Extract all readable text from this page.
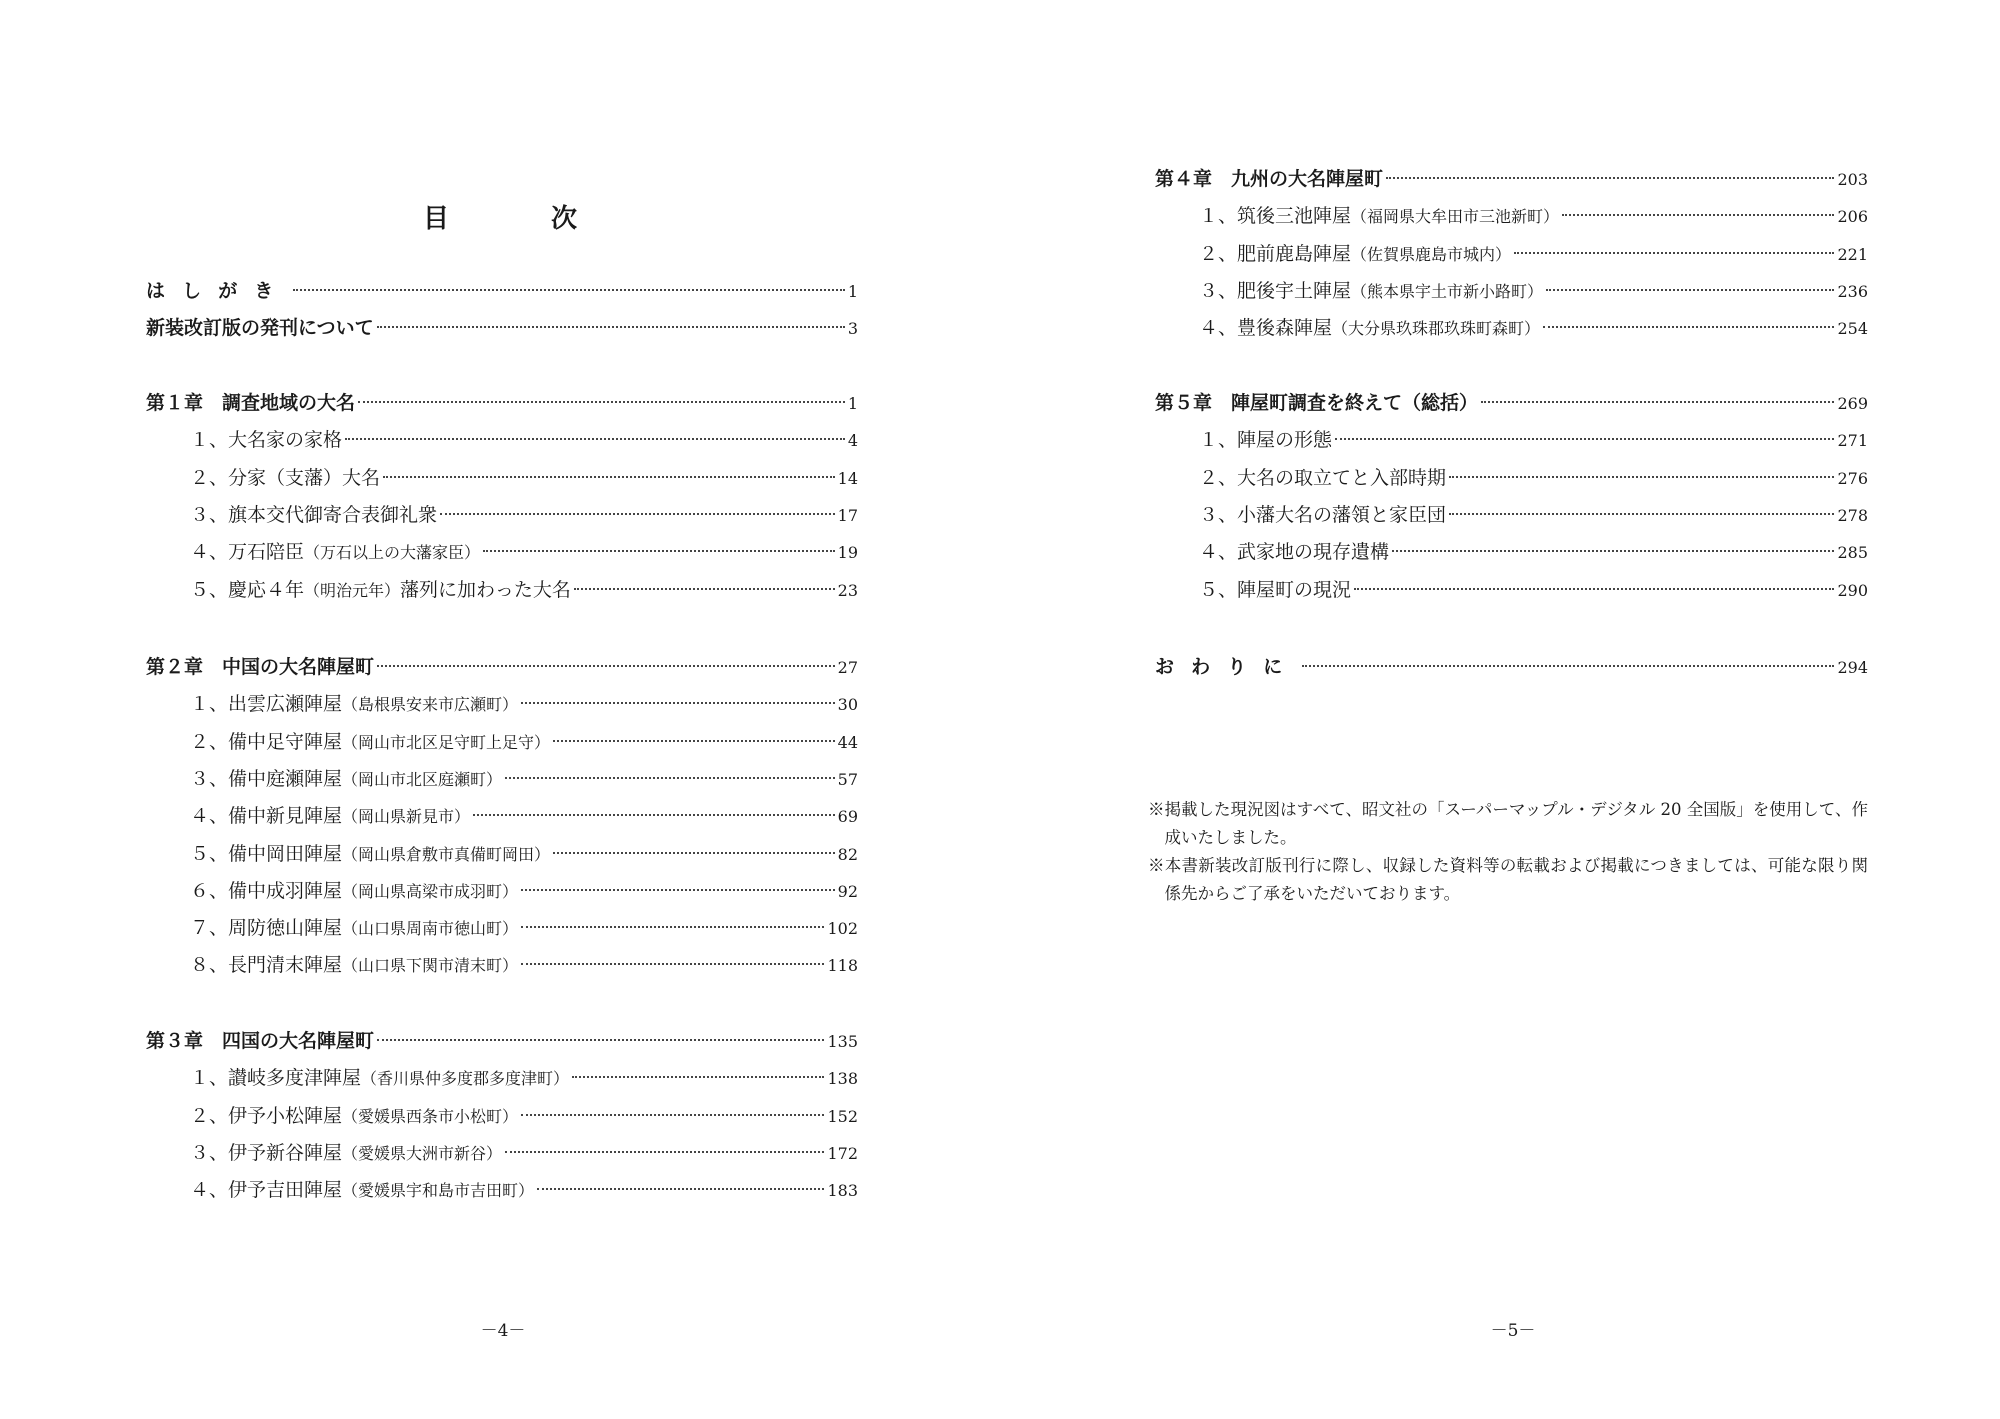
目	次
はしがき	1
新装改訂版の発刊について	3
第１章　調査地域の大名	1
１、大名家の家格	4
２、分家（支藩）大名	14
３、旗本交代御寄合表御礼衆	17
４、万石陪臣（万石以上の大藩家臣）	19
５、慶応４年（明治元年）藩列に加わった大名	23
第２章　中国の大名陣屋町	27
１、出雲広瀬陣屋（島根県安来市広瀬町）	30
２、備中足守陣屋（岡山市北区足守町上足守）	44
３、備中庭瀬陣屋（岡山市北区庭瀬町）	57
４、備中新見陣屋（岡山県新見市）	69
５、備中岡田陣屋（岡山県倉敷市真備町岡田）	82
６、備中成羽陣屋（岡山県高梁市成羽町）	92
７、周防徳山陣屋（山口県周南市徳山町）	102
８、長門清末陣屋（山口県下関市清末町）	118
第３章　四国の大名陣屋町	135
１、讃岐多度津陣屋（香川県仲多度郡多度津町）	138
２、伊予小松陣屋（愛媛県西条市小松町）	152
３、伊予新谷陣屋（愛媛県大洲市新谷）	172
４、伊予吉田陣屋（愛媛県宇和島市吉田町）	183
第４章　九州の大名陣屋町	203
１、筑後三池陣屋（福岡県大牟田市三池新町）	206
２、肥前鹿島陣屋（佐賀県鹿島市城内）	221
３、肥後宇土陣屋（熊本県宇土市新小路町）	236
４、豊後森陣屋（大分県玖珠郡玖珠町森町）	254
第５章　陣屋町調査を終えて（総括）	269
１、陣屋の形態	271
２、大名の取立てと入部時期	276
３、小藩大名の藩領と家臣団	278
４、武家地の現存遺構	285
５、陣屋町の現況	290
おわりに	294

※掲載した現況図はすべて、昭文社の「スーパーマップル・デジタル 20 全国版」を使用して、作成いたしました。

※本書新装改訂版刊行に際し、収録した資料等の転載および掲載につきましては、可能な限り関係先からご了承をいただいております。

－4－	－5－
